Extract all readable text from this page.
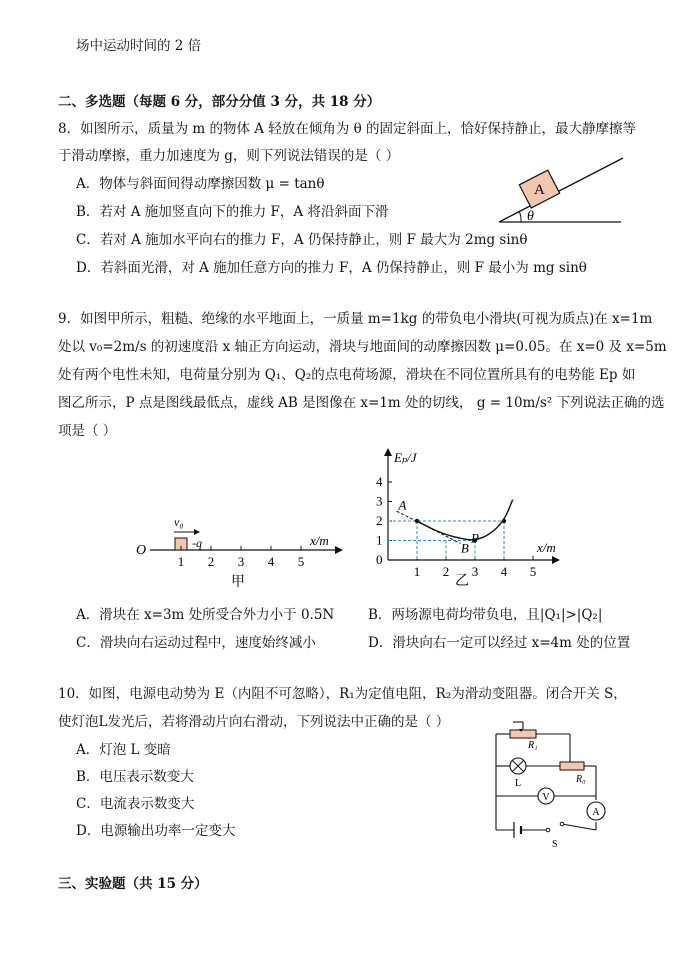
场中运动时间的 2 倍
二、多选题（每题 6 分，部分分值 3 分，共 18 分）
8．如图所示，质量为 m 的物体 A 轻放在倾角为 θ 的固定斜面上，恰好保持静止，最大静摩擦等
于滑动摩擦，重力加速度为 g，则下列说法错误的是（ ）
A．物体与斜面间得动摩擦因数 μ = tanθ
B．若对 A 施加竖直向下的推力 F，A 将沿斜面下滑
C．若对 A 施加水平向右的推力 F，A 仍保持静止，则 F 最大为 2mg sinθ
D．若斜面光滑，对 A 施加任意方向的推力 F，A 仍保持静止，则 F 最小为 mg sinθ
A
θ
9．如图甲所示，粗糙、绝缘的水平地面上，一质量 m=1kg 的带负电小滑块(可视为质点)在 x=1m
处以 v₀=2m/s 的初速度沿 x 轴正方向运动，滑块与地面间的动摩擦因数 μ=0.05。在 x=0 及 x=5m
处有两个电性未知，电荷量分别为 Q₁、Q₂的点电荷场源，滑块在不同位置所具有的电势能 Ep 如
图乙所示，P 点是图线最低点，虚线 AB 是图像在 x=1m 处的切线， g = 10m/s² 下列说法正确的选
项是（ ）
O
x/m
-q
v₀
1 2 3 4 5
甲
Eₚ/J
x/m
0
乙
1
2
3
4
1 2 3 4 5
A
P
B
A．滑块在 x=3m 处所受合外力小于 0.5N	B．两场源电荷均带负电，且|Q₁|>|Q₂|
C．滑块向右运动过程中，速度始终减小	D．滑块向右一定可以经过 x=4m 处的位置
10．如图，电源电动势为 E（内阻不可忽略），R₁为定值电阻，R₂为滑动变阻器。闭合开关 S，
使灯泡L发光后，若将滑动片向右滑动，下列说法中正确的是（ ）
A．灯泡 L 变暗
B．电压表示数变大
C．电流表示数变大
D．电源输出功率一定变大
R₁
L	R₀
V
A
S
三、实验题（共 15 分）
